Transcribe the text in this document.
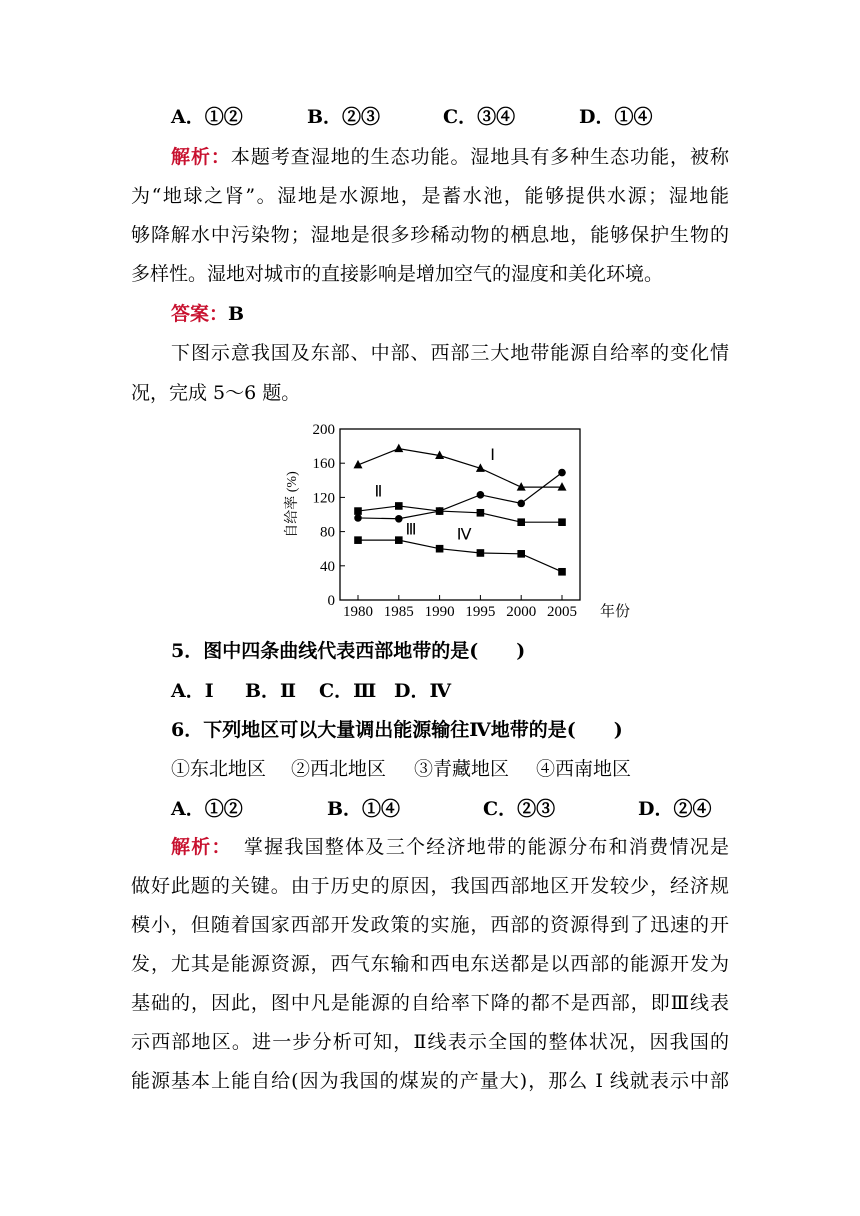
A．①②	B．②③	C．③④	D．①④
解析：本题考查湿地的生态功能。湿地具有多种生态功能，被称
为“地球之肾”。湿地是水源地，是蓄水池，能够提供水源；湿地能
够降解水中污染物；湿地是很多珍稀动物的栖息地，能够保护生物的
多样性。湿地对城市的直接影响是增加空气的湿度和美化环境。
答案：B
下图示意我国及东部、中部、西部三大地带能源自给率的变化情
况，完成 5～6 题。
0
40
80
120
160
200
1980 1985 1990 1995 2000 2005 年份
自给率 (%)
Ⅰ
Ⅱ
Ⅲ	Ⅳ
5．图中四条曲线代表西部地带的是(　　)
A．Ⅰ B．Ⅱ C．Ⅲ D．Ⅳ
6．下列地区可以大量调出能源输往Ⅳ地带的是(　　)
①东北地区 ②西北地区 ③青藏地区 ④西南地区
A．①②	B．①④	C．②③	D．②④
解析： 掌握我国整体及三个经济地带的能源分布和消费情况是
做好此题的关键。由于历史的原因，我国西部地区开发较少，经济规
模小，但随着国家西部开发政策的实施，西部的资源得到了迅速的开
发，尤其是能源资源，西气东输和西电东送都是以西部的能源开发为
基础的，因此，图中凡是能源的自给率下降的都不是西部，即Ⅲ线表
示西部地区。进一步分析可知，Ⅱ线表示全国的整体状况，因我国的
能源基本上能自给(因为我国的煤炭的产量大)，那么 I 线就表示中部
